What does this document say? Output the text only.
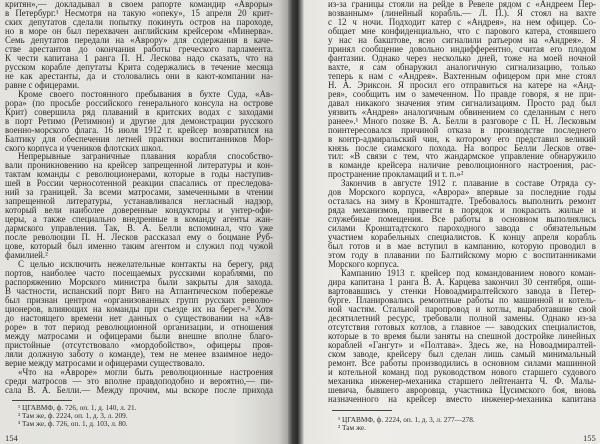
критян»,— докладывал в своем рапорте командир «Авроры»
в Петербург.¹ Несмотря на такую «опеку», 15 апреля 20 крит-
ских депутатов сделали попытку покинуть остров на пароходе,
но в море он был перехвачен английским крейсером «Минерва».
Семь депутатов передали на «Аврору» для содержания в каче-
стве арестантов до окончания работы греческого парламента.
К чести капитана 1 ранга П. Н. Лескова надо сказать, что на
русском корабле депутаты Крита содержались в течение месяца
не как арестанты, да и столовались они в кают-компании на-
равне с офицерами.
Кроме своего постоянного пребывания в бухте Суда, «Ав-
рора» (по просьбе российского генерального консула на острове
Крит) совершила ряд плаваний в критских водах с заходами
в порт Ретимо (Ретимнон) и другие для демонстрации русского
военно-морского флага. 16 июля 1912 г. крейсер возвратился на
Балтику для обеспечения летней практики воспитанников Мор-
ского корпуса и учеников флотских школ.
Непрерывные заграничные плавания корабля способство-
вали проникновению на крейсер запрещенной литературы и кон-
тактам команды с революционерами, которые в годы наступив-
шей в России черносотенной реакции спасались от преследова-
ний за границей. За всеми матросами, замеченными в чтении
запрещенной литературы, устанавливался негласный надзор,
который вели наиболее доверенные кондукторы и унтер-офи-
церы, а также специально внедренные в команду агенты жан-
дармского управления. Так, В. А. Белли вспоминал, что уже
после революции П. Н. Лесков рассказал ему о боцмане Руб-
цове, который был именно таким агентом и служил под чужой
фамилией.²
С целью исключить нежелательные контакты на берегу, ряд
портов, наиболее часто посещаемых русскими кораблями, по
распоряжению Морского министра были закрыты для захода.
В частности, испанский порт Виго на Атлантическом побережье
был признан центром «организованных групп русских револю-
ционеров, влияющих на команды при съезде их на берег».³ Хотя
до настоящего времени нет данных о существовании на «Ав-
роре» в тот период революционной организации, и отношения
между матросами и офицерами были внешне вполне благо-
пристойные (отсутствовало «мордобойство», офицеры проя-
ляли должную заботу о команде), тем не менее взаимное недо-
верие между матросами и офицерами существовало.
«Что на «Авроре» могли быть революционные настроения
среди матросов — это вполне правдоподобно и вероятно,— пи-
сала В. А. Белли.— Между прочим, мы вскоре после прихода
¹ ЦГАВМФ, ф. 726, оп. 1, д. 140, л. 21.
² Там же, ф. 2224, оп. 1, д. 3, л. 209.
³ Там же, ф. 726, оп. 1, д. 103, л. 80.
154
из-за границы стояли на рейде в Ревеле рядом с «Андреем Пер-
возванным» (линейный корабль.— Л. П.). Я стоял на вахте
с 12 ч ночи. Подходит катер с «Андрея», на нем офицер. Со-
общает мне конфиденциально, что с парового катера, стоявшего
у нас на бакштове, ясно сигналили ратьером на «Андрея». Я
принял сообщение довольно индифферентно, считая его плодом
фантазии. Однако через несколько дней, тоже на моей ночной
вахте, я сам обнаружил аналогичную сигнализацию, только
теперь к нам с «Андрея». Вахтенным офицером при мне стоял
Н. А. Эриксон. Я просил его отправиться на катере на «Анд-
рея», сообщить им о замеченном. По правде говоря, я не при-
давал никакого значения этим сигнализациям. Просто рад был
уязвить «Андрея» аналогичным обвинением со сделанным с него
ранее».¹ Много позже В. А. Белли в разговоре с П. Н. Лесковым
поинтересовался причиной отказа в производстве последнего
в контр-адмиральский чин, к которому его представил великий
князь после сиамского похода. На вопрос Белли Лесков отве-
тил: «В связи с тем, что жандармское управление обнаружило
в команде крейсера наличие революционного настроения, рас-
пространение прокламаций и т. п.»²
Закончив в августе 1912 г. плавание в составе Отряда су-
дов Морского корпуса, «Аврора» впервые за последние годы
осталась на зиму в Кронштадте. Требовалось выполнить ремонт
ряда механизмов, привести в порядок и покрасить жилые и
служебные помещения. Все работы в основном выполнялись
силами Кронштадтского пароходного завода с обязательным
участием корабельных специалистов. К концу апреля корабль
был готов и в мае вступил в кампанию, которую проводил в
этом году в плавании по Балтийскому морю с воспитанниками
Морского корпуса.
Кампанию 1913 г. крейсер под командованием нового коман-
дира капитана 1 ранга В. А. Карцева закончил 30 сентября, оши-
вартовавшись у стенки Новоадмиралтейского завода в Петер-
бурге. Планировались ремонтные работы по машинной и котель-
ной частям. Стальной паропровод и котлы, выработавшие свой
десятилетний ресурс, требовали полной замены. Однако из-за
отсутствия готовых котлов, а главное — заводских специалистов,
которые в то время были заняты на спешной достройке линейных
кораблей «Гангут» и «Полтава». Здесь же, на Новоадмиралтей-
ском заводе, крейсеру был сделан лишь самый минимальный
ремонт. Все работы производились в основном силами машинной
и котельной команд под руководством нового старшего судового
механика инженер-механика старшего лейтенанта Ч. Ф. Малы-
шевича, бывшего авроровца, участника Цусимского боя, вновь
назначенного на крейсер вместо инженер-механика капитана
¹ ЦГАВМФ, ф. 2224, оп. 1, д. 3, л. 277—278.
² Там же.
155
